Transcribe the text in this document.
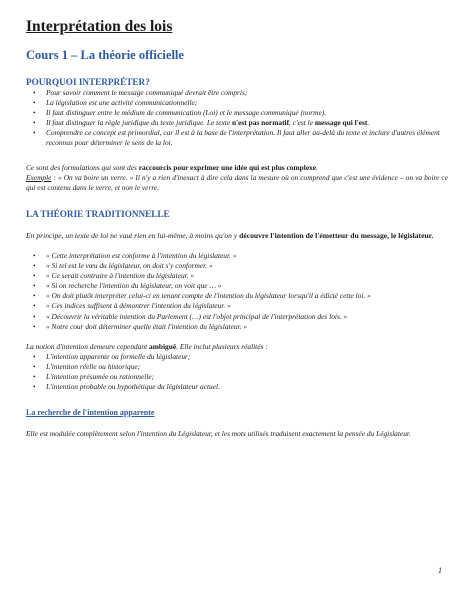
Interprétation des lois
Cours 1 – La théorie officielle
POURQUOI INTERPRÉTER?
• Pour savoir comment le message communiqué devrait être compris;
• La législation est une activité communicationnelle;
• Il faut distinguer entre le médium de communication (Loi) et le message communiqué (norme).
• Il faut distinguer la règle juridique du texte juridique. Le texte n'est pas normatif, c'est le message qui l'est.
• Comprendre ce concept est primordial, car il est à la base de l'interprétation. Il faut aller au-delà du texte et inclure d'autres élément reconnus pour déterminer le sens de la loi.

Ce sont des formulations qui sont des raccourcis pour exprimer une idée qui est plus complexe.

Exemple : « On va boire un verre. » Il n'y a rien d'inexact à dire cela dans la mesure où on comprend que c'est une évidence – on va boire ce qui est contenu dans le verre, et non le verre.

LA THÉORIE TRADITIONNELLE

En principe, un texte de loi ne vaut rien en lui-même, à moins qu'on y découvre l'intention de l'émetteur du message, le législateur.

• « Cette interprétation est conforme à l'intention du législateur. »
• « Si tel est le vœu du législateur, on doit s'y conformer. »
• « Ce serait contraire à l'intention du législateur. »
• « Si on recherche l'intention du législateur, on voit que … »
• « On doit plutôt interpréter celui-ci en tenant compte de l'intention du législateur lorsqu'il a édicté cette loi. »
• « Ces indices suffisent à démontrer l'intention du législateur. »
• « Découvrir la véritable intention du Parlement (…) est l'objet principal de l'interprétation des lois. »
• « Notre cour doit déterminer quelle était l'intention du législateur. »

La notion d'intention demeure cependant ambiguë. Elle inclut plusieurs réalités :

• L'intention apparente ou formelle du législateur;
• L'intention réelle ou historique;
• L'intention présumée ou rationnelle;
• L'intention probable ou hypothétique du législateur actuel.
La recherche de l'intention apparente

Elle est modulée complètement selon l'intention du Législateur, et les mots utilisés traduisent exactement la pensée du Législateur.

1
